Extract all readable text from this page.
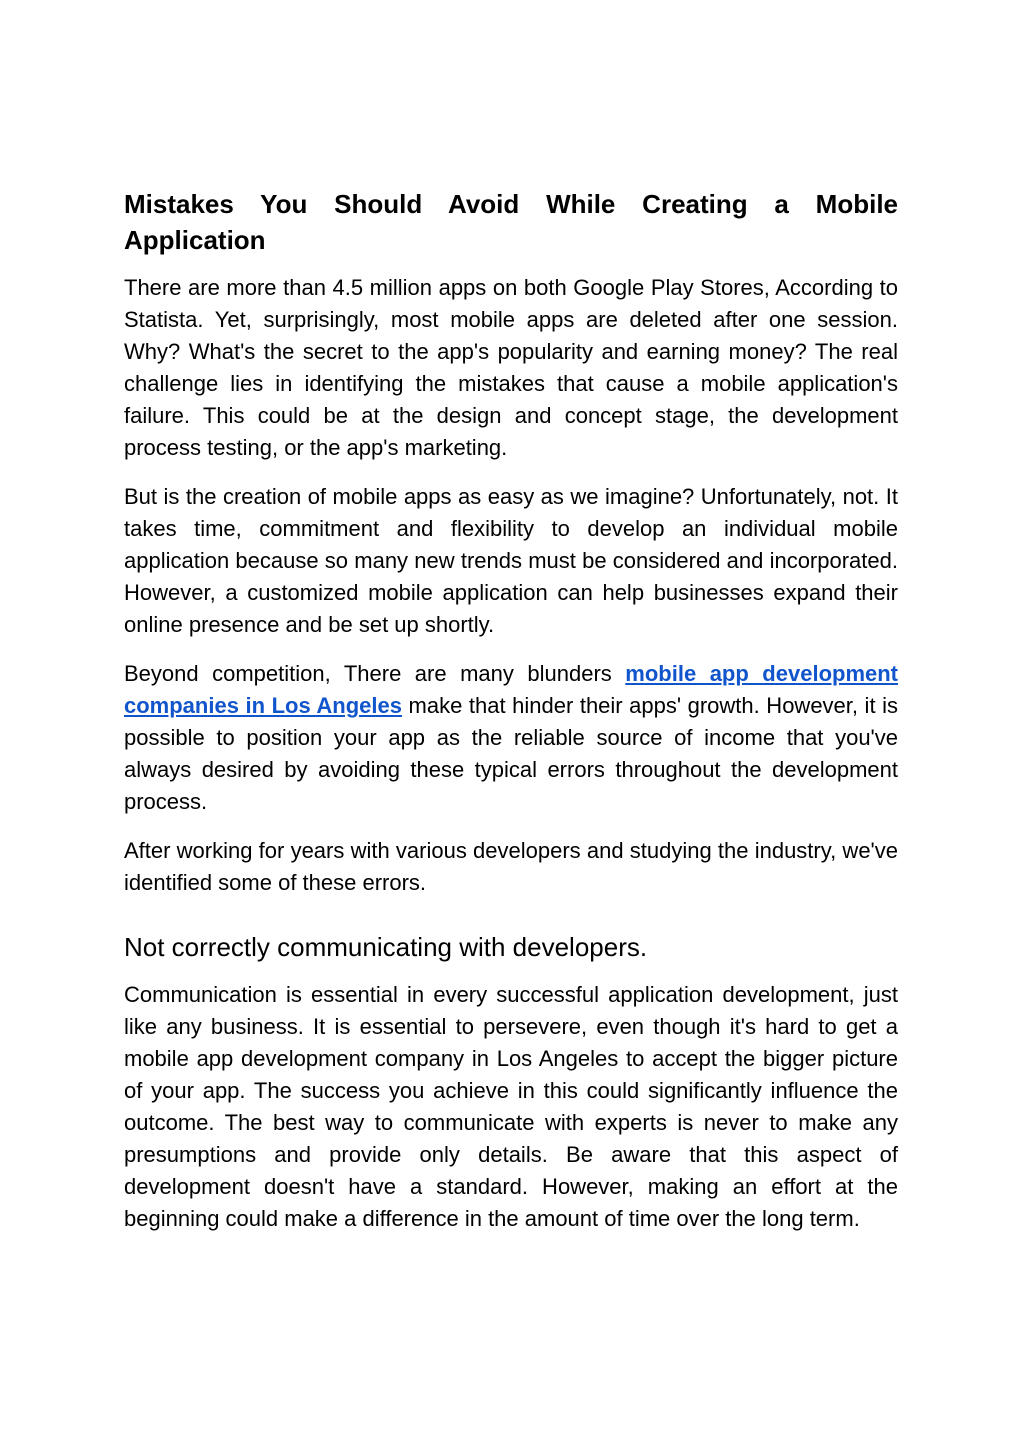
Mistakes You Should Avoid While Creating a Mobile Application

There are more than 4.5 million apps on both Google Play Stores, According to Statista. Yet, surprisingly, most mobile apps are deleted after one session. Why? What's the secret to the app's popularity and earning money? The real challenge lies in identifying the mistakes that cause a mobile application's failure. This could be at the design and concept stage, the development process testing, or the app's marketing.

But is the creation of mobile apps as easy as we imagine? Unfortunately, not. It takes time, commitment and flexibility to develop an individual mobile application because so many new trends must be considered and incorporated. However, a customized mobile application can help businesses expand their online presence and be set up shortly.

Beyond competition, There are many blunders mobile app development companies in Los Angeles make that hinder their apps' growth. However, it is possible to position your app as the reliable source of income that you've always desired by avoiding these typical errors throughout the development process.

After working for years with various developers and studying the industry, we've identified some of these errors.

Not correctly communicating with developers.

Communication is essential in every successful application development, just like any business. It is essential to persevere, even though it's hard to get a mobile app development company in Los Angeles to accept the bigger picture of your app. The success you achieve in this could significantly influence the outcome. The best way to communicate with experts is never to make any presumptions and provide only details. Be aware that this aspect of development doesn't have a standard. However, making an effort at the beginning could make a difference in the amount of time over the long term.
